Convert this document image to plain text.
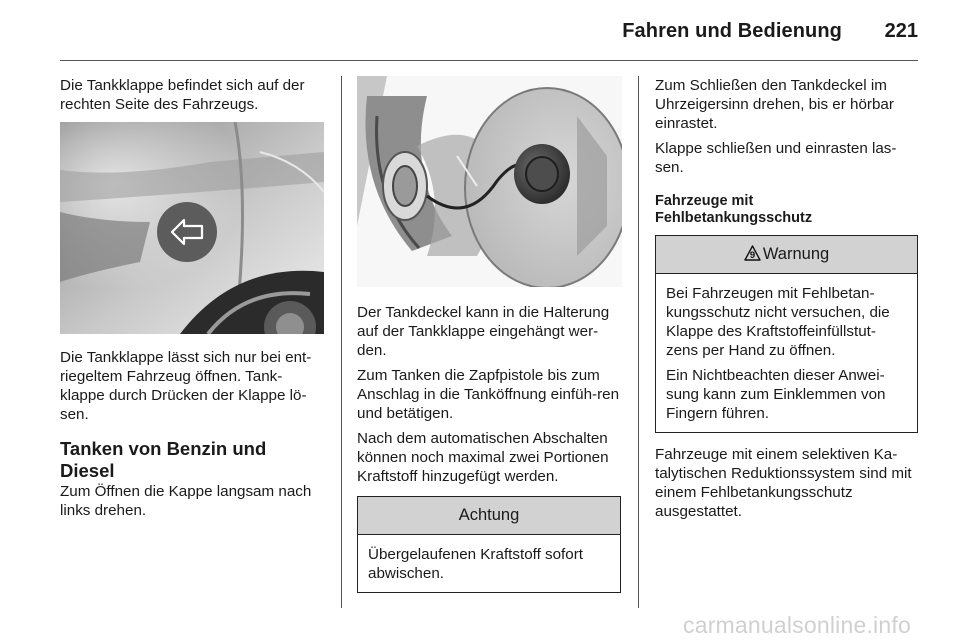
Fahren und Bedienung 221

Die Tankklappe befindet sich auf der rechten Seite des Fahrzeugs.

Die Tankklappe lässt sich nur bei ent-riegeltem Fahrzeug öffnen. Tank-klappe durch Drücken der Klappe lö-sen.

Tanken von Benzin und Diesel

Zum Öffnen die Kappe langsam nach links drehen.

Der Tankdeckel kann in die Halterung auf der Tankklappe eingehängt wer-den.

Zum Tanken die Zapfpistole bis zum Anschlag in die Tanköffnung einfüh-ren und betätigen.

Nach dem automatischen Abschalten können noch maximal zwei Portionen Kraftstoff hinzugefügt werden.

Achtung

Übergelaufenen Kraftstoff sofort abwischen.

Zum Schließen den Tankdeckel im Uhrzeigersinn drehen, bis er hörbar einrastet.

Klappe schließen und einrasten las-sen.

Fahrzeuge mit Fehlbetankungsschutz

9 Warnung

Bei Fahrzeugen mit Fehlbetan-kungsschutz nicht versuchen, die Klappe des Kraftstoffeinfüllstut-zens per Hand zu öffnen.

Ein Nichtbeachten dieser Anwei-sung kann zum Einklemmen von Fingern führen.

Fahrzeuge mit einem selektiven Ka-talytischen Reduktionssystem sind mit einem Fehlbetankungsschutz ausgestattet.

carmanualsonline.info
